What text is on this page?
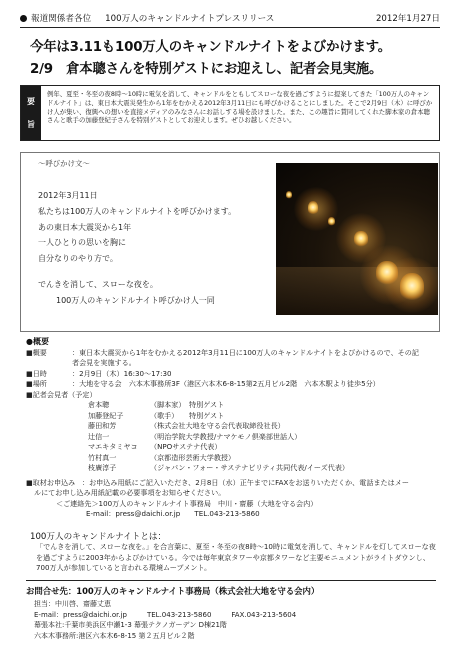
報道関係者各位 100万人のキャンドルナイトプレスリリース	2012年1月27日
今年は3.11も100万人のキャンドルナイトをよびかけます。
2/9　倉本聰さんを特別ゲストにお迎えし、記者会見実施。
要
旨
例年、夏至・冬至の夜8時〜10時に電気を消して、キャンドルをともしてスローな夜を過ごすように提案してきた「100万人のキャンドルナイト」は、東日本大震災発生から1年をむかえる2012年3月11日にも呼びかけることにしました。そこで2月9日（木）に呼びかけ人が集い、復興への想いを直接メディアのみなさんにお話しする場を設けました。また、この趣旨に賛同してくれた脚本家の倉本聰さんと歌手の加藤登紀子さんを特別ゲストとしてお迎えします。ぜひお越しください。
〜呼びかけ文〜
2012年3月11日
私たちは100万人のキャンドルナイトを呼びかけます。
あの東日本大震災から1年
一人ひとりの思いを胸に
自分なりのやり方で。
でんきを消して、スローな夜を。
100万人のキャンドルナイト呼びかけ人一同
●概要
■概要	：東日本大震災から1年をむかえる2012年3月11日に100万人のキャンドルナイトをよびかけるので、その記
者会見を実施する。
■日時	：2月9日（木）16:30〜17:30
■場所	：大地を守る会　六本木事務所3F（港区六本木6-8-15第2五月ビル2階　六本木駅より徒歩5分）
■記者会見者（予定）
倉本聰	（脚本家）　特別ゲスト
加藤登紀子	（歌手）　　特別ゲスト
藤田和芳	（株式会社大地を守る会代表取締役社長）
辻信一	（明治学院大学教授/ナマケモノ倶楽部世話人）
マエキタミヤコ	（NPOサステナ代表）
竹村真一	（京都造形芸術大学教授）
枝廣淳子	（ジャパン・フォー・サステナビリティ共同代表/イーズ代表）
■取材お申込み ：お申込み用紙にご記入いただき、2月8日（水）正午までにFAXをお送りいただくか、電話またはメー
ルにてお申し込み用紙記載の必要事項をお知らせください。
＜ご連絡先＞100万人のキャンドルナイト事務局　中川・齋藤（大地を守る会内）
E-mail：press@daichi.or.jp　　TEL.043-213-5860
100万人のキャンドルナイトとは：
「でんきを消して、スローな夜を。」を合言葉に、夏至・冬至の夜8時〜10時に電気を消して、キャンドルを灯してスローな夜を過ごすように2003年からよびかけている。今では毎年東京タワーや京都タワーなど主要モニュメントがライトダウンし、700万人が参加していると言われる環境ムーブメント。
お問合せ先：100万人のキャンドルナイト事務局（株式会社大地を守る会内）
担当：中川啓、齋藤丈恵
E-mail：press@daichi.or.jp	TEL.043-213-5860	FAX.043-213-5604
幕張本社:千葉市美浜区中瀬1-3 幕張テクノガーデン D棟21階
六本木事務所:港区六本木6-8-15 第２五月ビル２階
